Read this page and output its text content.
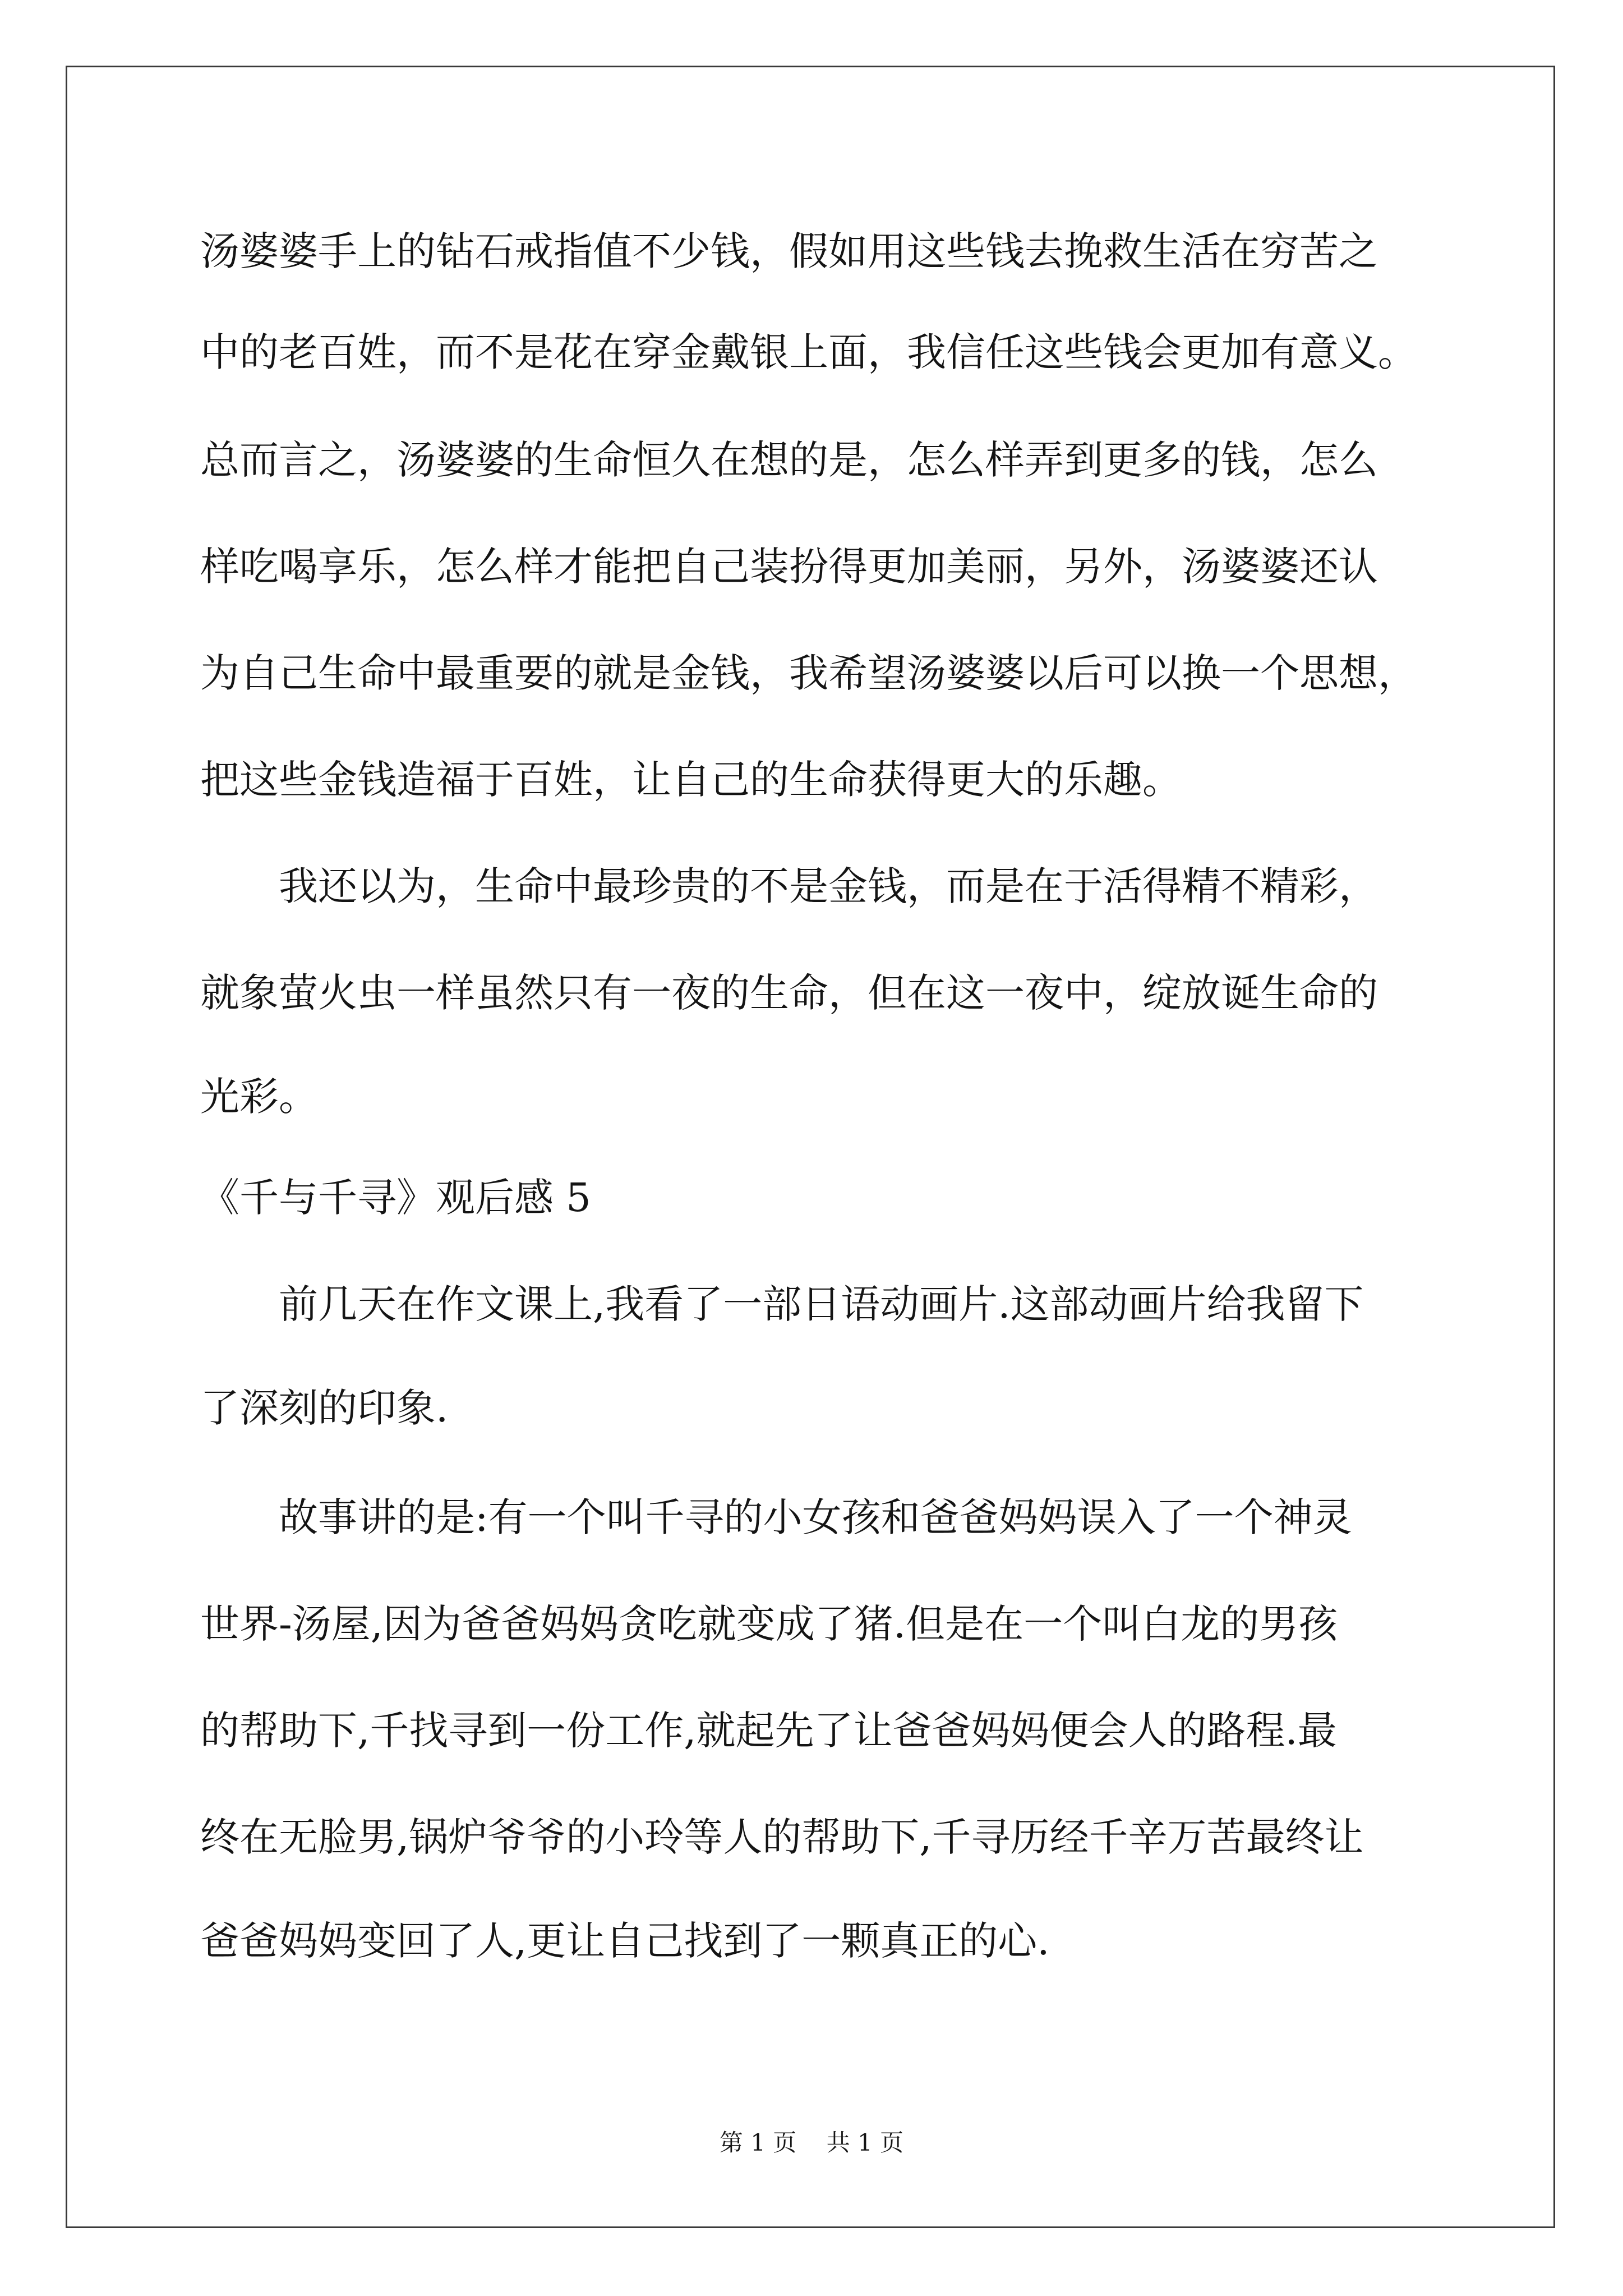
汤婆婆手上的钻石戒指值不少钱，假如用这些钱去挽救生活在穷苦之
中的老百姓，而不是花在穿金戴银上面，我信任这些钱会更加有意义。
总而言之，汤婆婆的生命恒久在想的是，怎么样弄到更多的钱，怎么
样吃喝享乐，怎么样才能把自己装扮得更加美丽，另外，汤婆婆还认
为自己生命中最重要的就是金钱，我希望汤婆婆以后可以换一个思想，
把这些金钱造福于百姓，让自己的生命获得更大的乐趣。
我还以为，生命中最珍贵的不是金钱，而是在于活得精不精彩，
就象萤火虫一样虽然只有一夜的生命，但在这一夜中，绽放诞生命的
光彩。
《千与千寻》观后感 5
前几天在作文课上,我看了一部日语动画片.这部动画片给我留下
了深刻的印象.
故事讲的是:有一个叫千寻的小女孩和爸爸妈妈误入了一个神灵
世界-汤屋,因为爸爸妈妈贪吃就变成了猪.但是在一个叫白龙的男孩
的帮助下,千找寻到一份工作,就起先了让爸爸妈妈便会人的路程.最
终在无脸男,锅炉爷爷的小玲等人的帮助下,千寻历经千辛万苦最终让
爸爸妈妈变回了人,更让自己找到了一颗真正的心.
第 1 页    共 1 页
